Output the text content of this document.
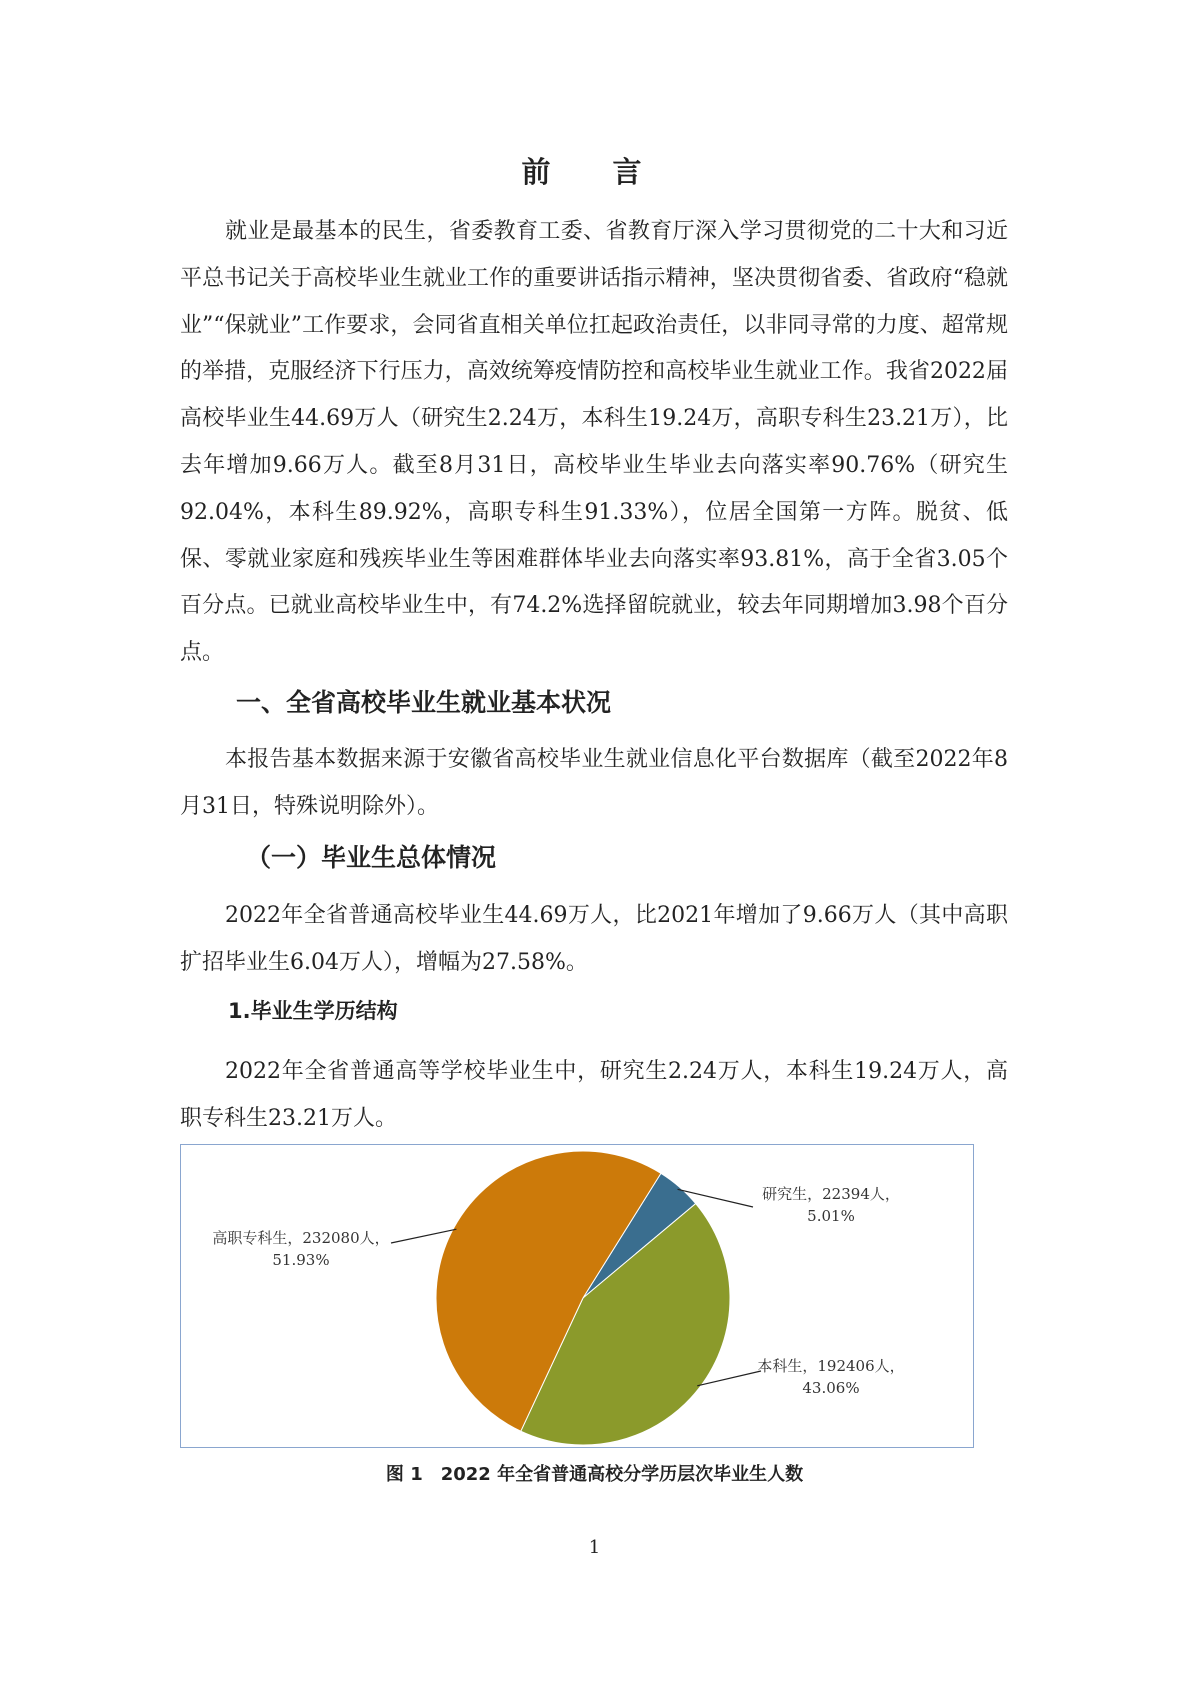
前 言

就业是最基本的民生，省委教育工委、省教育厅深入学习贯彻党的二十大和习近平总书记关于高校毕业生就业工作的重要讲话指示精神，坚决贯彻省委、省政府“稳就业”“保就业”工作要求，会同省直相关单位扛起政治责任，以非同寻常的力度、超常规的举措，克服经济下行压力，高效统筹疫情防控和高校毕业生就业工作。我省2022届高校毕业生44.69万人（研究生2.24万，本科生19.24万，高职专科生23.21万），比去年增加9.66万人。截至8月31日，高校毕业生毕业去向落实率90.76%（研究生92.04%，本科生89.92%，高职专科生91.33%），位居全国第一方阵。脱贫、低保、零就业家庭和残疾毕业生等困难群体毕业去向落实率93.81%，高于全省3.05个百分点。已就业高校毕业生中，有74.2%选择留皖就业，较去年同期增加3.98个百分点。

一、全省高校毕业生就业基本状况

本报告基本数据来源于安徽省高校毕业生就业信息化平台数据库（截至2022年8月31日，特殊说明除外）。

（一）毕业生总体情况

2022年全省普通高校毕业生44.69万人，比2021年增加了9.66万人（其中高职扩招毕业生6.04万人），增幅为27.58%。

1.毕业生学历结构

2022年全省普通高等学校毕业生中，研究生2.24万人，本科生19.24万人，高职专科生23.21万人。

研究生，22394人， 5.01%
本科生，192406人， 43.06%
高职专科生，232080人， 51.93%

图 1　2022 年全省普通高校分学历层次毕业生人数

1
